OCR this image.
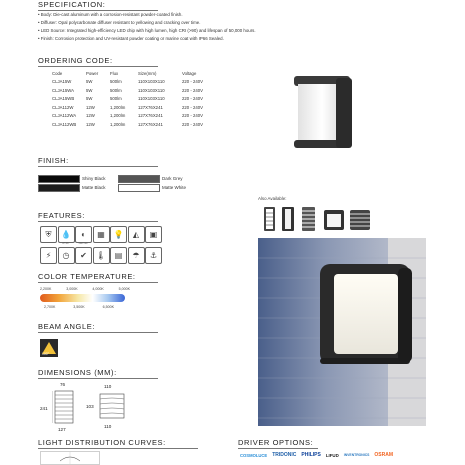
SPECIFICATION:
• Body: Die-cast aluminum with a corrosion-resistant powder-coated finish.
• Diffuser: Opal polycarbonate diffuser resistant to yellowing and cracking over time.
• LED Source: Integrated high-efficiency LED chip with high lumen, high CRI (>90) and lifespan of 50,000 hours.
• Finish: Corrosion protection and UV-resistant powder coating or marine coat with IP66 Sealed.
ORDERING CODE:
Code	Power	Flux	Size(mm)	Voltage
CLJA15W	5W	500lm	110X103X110	220 - 240V
CLJA15WA	5W	500lm	110X103X110	220 - 240V
CLJA15WB	5W	500lm	110X103X110	220 - 240V
CLJA112W	12W	1,200lm	127X76X241	220 - 240V
CLJA112WA	12W	1,200lm	127X76X241	220 - 240V
CLJA112WB	12W	1,200lm	127X76X241	220 - 240V
FINISH:
Shiny Black	Dark Grey
Matte Black	Matte White
Also Available:
FEATURES:
⛨	💧
IP 66
◐
CRI>90
▦	💡	◭	▣
⚡	◷	✔	🌡	▤	☂	⚓
COLOR TEMPERATURE:
2,200K	3,000K	4,000K	5,000K
2,700K	3,500K	6,500K
BEAM ANGLE:
100°
DIMENSIONS (MM):
76
241
127
110
103
110
LIGHT DISTRIBUTION CURVES:	DRIVER OPTIONS:
COSMOLUCE TRIDONIC PHILIPS LIFUD INVENTRONICS OSRAM
